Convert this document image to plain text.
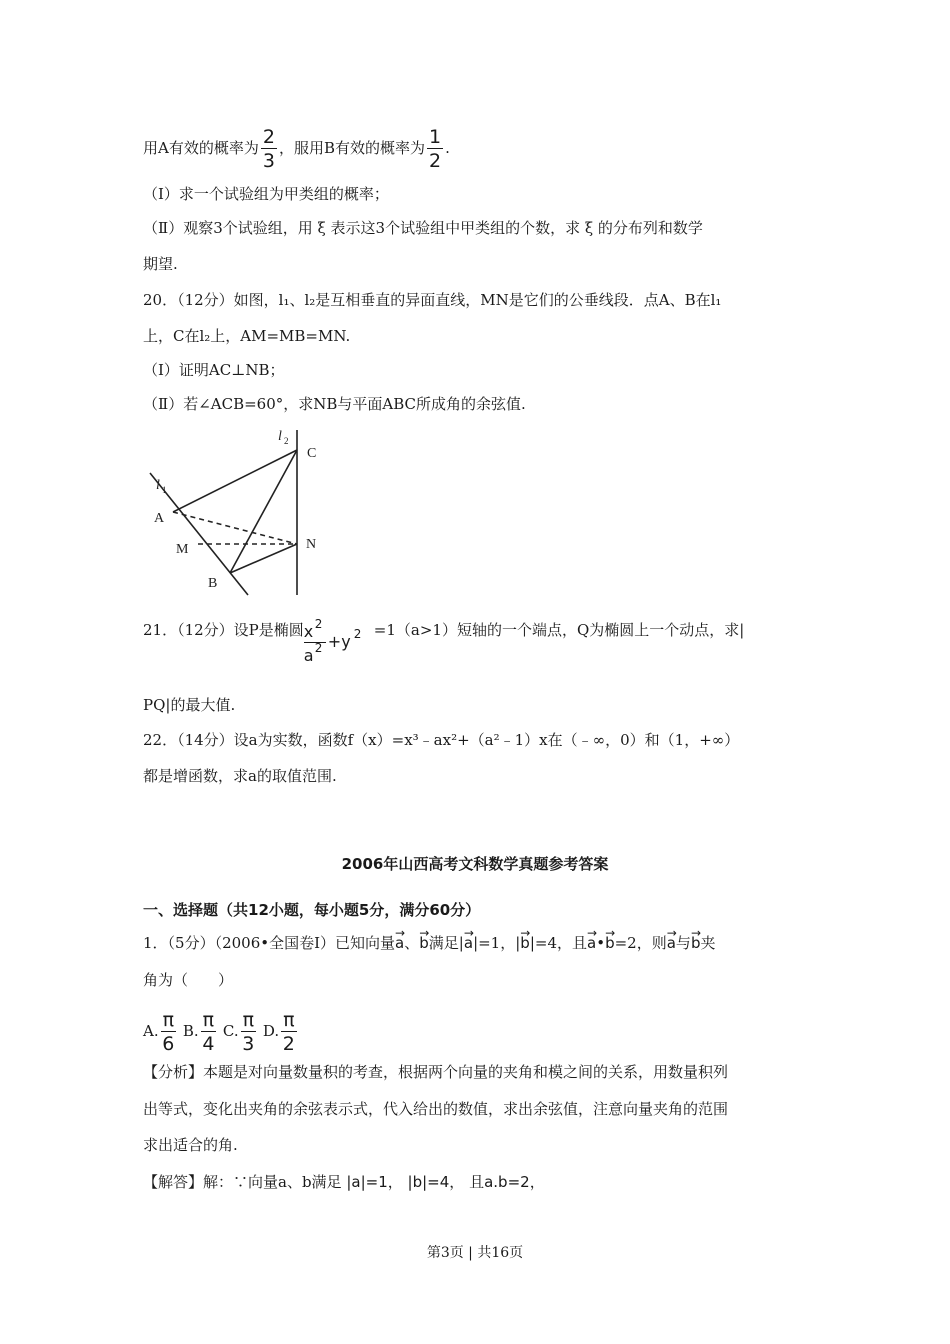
用A有效的概率为 $\frac{2}{3}$ ，服用B有效的概率为 $\frac{1}{2}$ .
（Ⅰ）求一个试验组为甲类组的概率；
（Ⅱ）观察3个试验组，用 ξ 表示这3个试验组中甲类组的个数，求 ξ 的分布列和数学
期望.
20．（12分）如图，l₁、l₂是互相垂直的异面直线，MN是它们的公垂线段．点A、B在l₁
上，C在l₂上，AM=MB=MN.
（Ⅰ）证明AC⊥NB；
（Ⅱ）若∠ACB=60°，求NB与平面ABC所成角的余弦值.
l 1
l 2
C
A
M	N
B
21．（12分）设P是椭圆 x 2
a 2 +y 2 =1（a>1）短轴的一个端点，Q为椭圆上一个动点，求|
PQ|的最大值.
22．（14分）设a为实数，函数f（x）=x³﹣ax²+（a²﹣1）x在（﹣∞，0）和（1，+∞）
都是增函数，求a的取值范围.
2006年山西高考文科数学真题参考答案
一、选择题（共12小题，每小题5分，满分60分）
1．（5分）（2006•全国卷Ⅰ）已知向量→ a、→ b满足|→ a|=1，|→ b|=4，且→ a•→ b=2，则→ a与→ b夹
角为（　　）
A. $\frac{\pi}{6} B$. $\frac{\pi}{4} C$. $\frac{\pi}{3} D$. $\frac{\pi}{2}$
【分析】本题是对向量数量积的考查，根据两个向量的夹角和模之间的关系，用数量积列
出等式，变化出夹角的余弦表示式，代入给出的数值，求出余弦值，注意向量夹角的范围
求出适合的角.
【解答】解：∵向量a、b满足 |a|=1， |b|=4， 且a.b=2，
第3页 | 共16页
